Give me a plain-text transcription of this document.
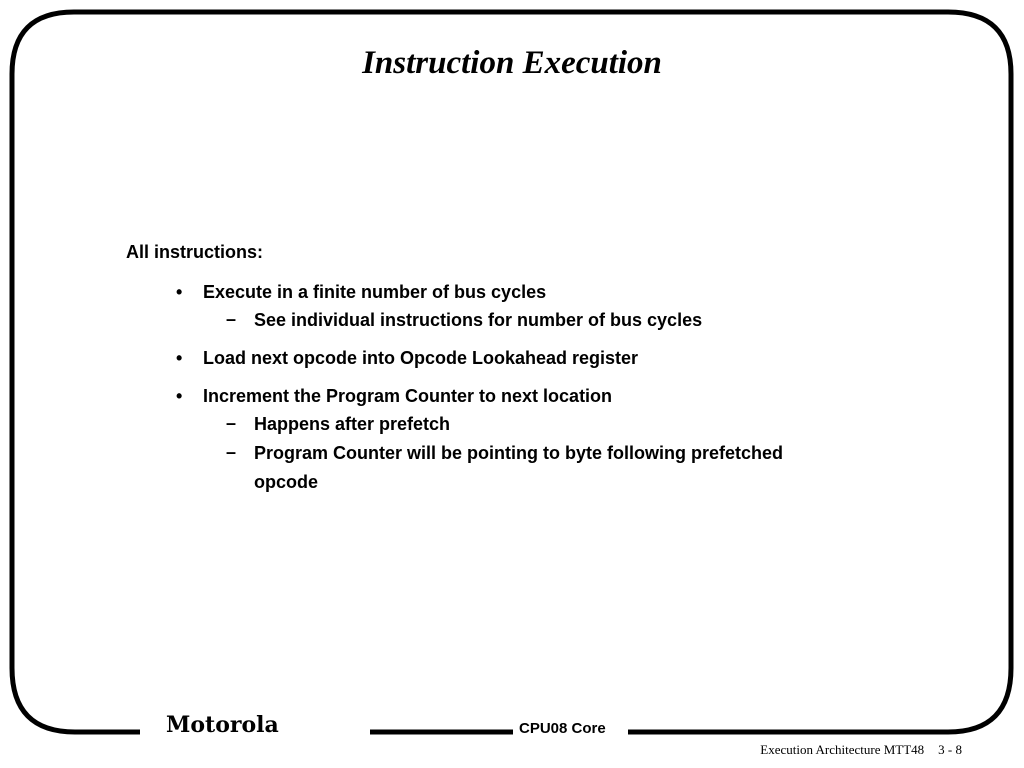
Instruction Execution
All instructions:
• Execute in a finite number of bus cycles
– See individual instructions for number of bus cycles
• Load next opcode into Opcode Lookahead register
• Increment the Program Counter to next location
– Happens after prefetch
– Program Counter will be pointing to byte following prefetched
opcode
Motorola	CPU08 Core
Execution Architecture MTT48 3 - 8
